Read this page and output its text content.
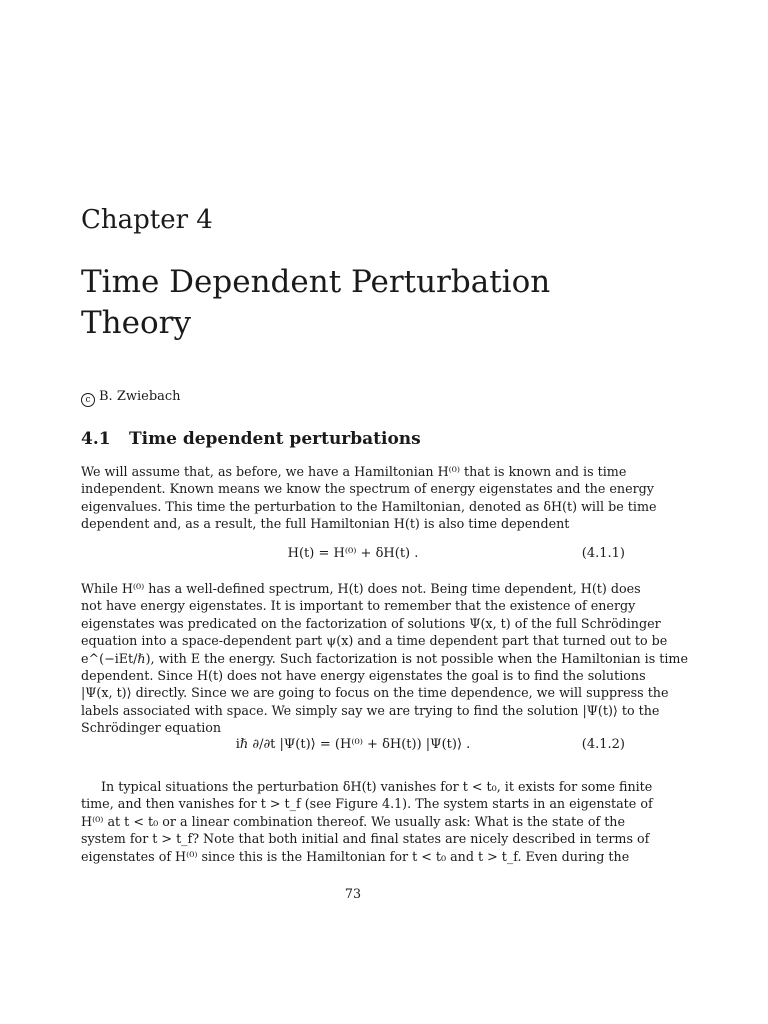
Chapter 4
Time Dependent Perturbation Theory
c B. Zwiebach
4.1 Time dependent perturbations

We will assume that, as before, we have a Hamiltonian H⁽⁰⁾ that is known and is time
independent. Known means we know the spectrum of energy eigenstates and the energy
eigenvalues. This time the perturbation to the Hamiltonian, denoted as δH(t) will be time
dependent and, as a result, the full Hamiltonian H(t) is also time dependent

H(t) = H⁽⁰⁾ + δH(t) .	(4.1.1)

While H⁽⁰⁾ has a well-defined spectrum, H(t) does not. Being time dependent, H(t) does
not have energy eigenstates. It is important to remember that the existence of energy
eigenstates was predicated on the factorization of solutions Ψ(x, t) of the full Schrödinger
equation into a space-dependent part ψ(x) and a time dependent part that turned out to be
e^(−iEt/ℏ), with E the energy. Such factorization is not possible when the Hamiltonian is time
dependent. Since H(t) does not have energy eigenstates the goal is to find the solutions
|Ψ(x, t)⟩ directly. Since we are going to focus on the time dependence, we will suppress the
labels associated with space. We simply say we are trying to find the solution |Ψ(t)⟩ to the
Schrödinger equation

iℏ ∂/∂t |Ψ(t)⟩ = (H⁽⁰⁾ + δH(t)) |Ψ(t)⟩ .	(4.1.2)

In typical situations the perturbation δH(t) vanishes for t < t₀, it exists for some finite
time, and then vanishes for t > t_f (see Figure 4.1). The system starts in an eigenstate of
H⁽⁰⁾ at t < t₀ or a linear combination thereof. We usually ask: What is the state of the
system for t > t_f? Note that both initial and final states are nicely described in terms of
eigenstates of H⁽⁰⁾ since this is the Hamiltonian for t < t₀ and t > t_f. Even during the

73
